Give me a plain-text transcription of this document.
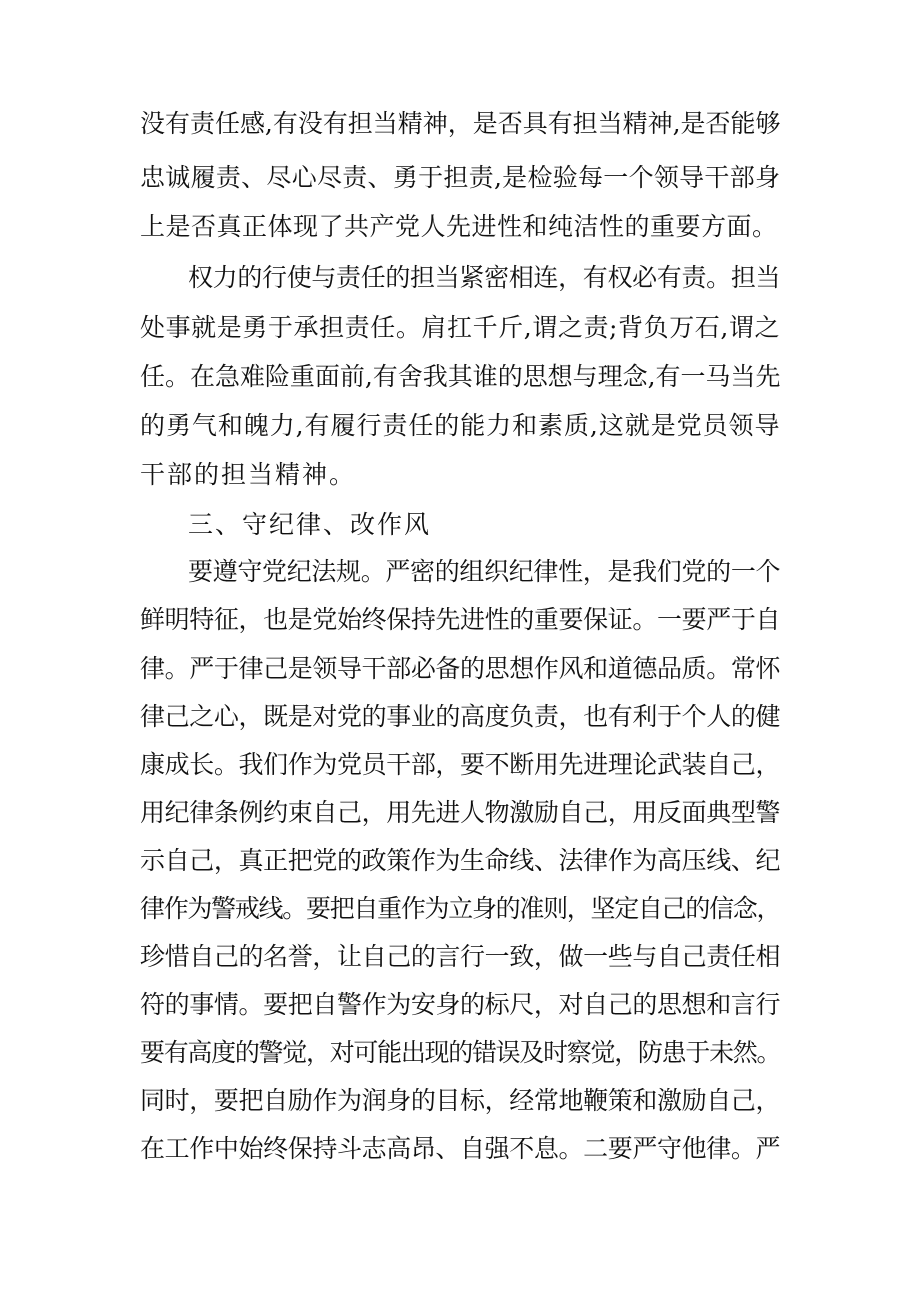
没有责任感,有没有担当精神，是否具有担当精神,是否能够
忠诚履责、尽心尽责、勇于担责,是检验每一个领导干部身
上是否真正体现了共产党人先进性和纯洁性的重要方面。
权力的行使与责任的担当紧密相连，有权必有责。担当
处事就是勇于承担责任。肩扛千斤,谓之责;背负万石,谓之
任。在急难险重面前,有舍我其谁的思想与理念,有一马当先
的勇气和魄力,有履行责任的能力和素质,这就是党员领导
干部的担当精神。
三、守纪律、改作风
要遵守党纪法规。严密的组织纪律性，是我们党的一个
鲜明特征，也是党始终保持先进性的重要保证。一要严于自
律。严于律己是领导干部必备的思想作风和道德品质。常怀
律己之心，既是对党的事业的高度负责，也有利于个人的健
康成长。我们作为党员干部，要不断用先进理论武装自己，
用纪律条例约束自己，用先进人物激励自己，用反面典型警
示自己，真正把党的政策作为生命线、法律作为高压线、纪
律作为警戒线。要把自重作为立身的准则，坚定自己的信念，
珍惜自己的名誉，让自己的言行一致，做一些与自己责任相
符的事情。要把自警作为安身的标尺，对自己的思想和言行
要有高度的警觉，对可能出现的错误及时察觉，防患于未然。
同时，要把自励作为润身的目标，经常地鞭策和激励自己，
在工作中始终保持斗志高昂、自强不息。二要严守他律。严
